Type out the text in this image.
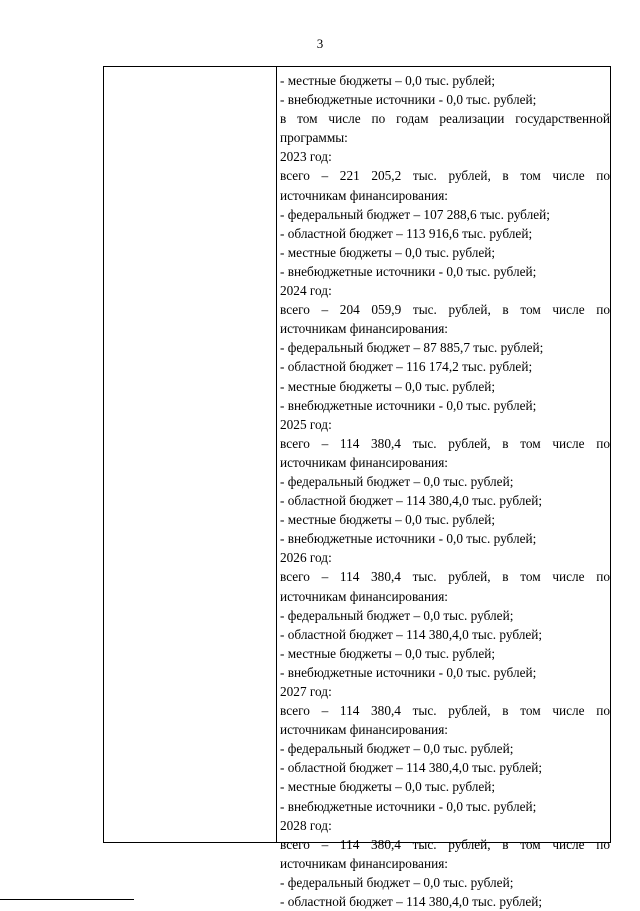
3
- местные бюджеты – 0,0 тыс. рублей;
- внебюджетные источники - 0,0 тыс. рублей;
в том числе по годам реализации государственной
программы:
2023 год:
всего – 221 205,2 тыс. рублей, в том числе по
источникам финансирования:
- федеральный бюджет – 107 288,6 тыс. рублей;
- областной бюджет – 113 916,6 тыс. рублей;
- местные бюджеты – 0,0 тыс. рублей;
- внебюджетные источники - 0,0 тыс. рублей;
2024 год:
всего – 204 059,9 тыс. рублей, в том числе по
источникам финансирования:
- федеральный бюджет – 87 885,7 тыс. рублей;
- областной бюджет – 116 174,2 тыс. рублей;
- местные бюджеты – 0,0 тыс. рублей;
- внебюджетные источники - 0,0 тыс. рублей;
2025 год:
всего – 114 380,4 тыс. рублей, в том числе по
источникам финансирования:
- федеральный бюджет – 0,0 тыс. рублей;
- областной бюджет – 114 380,4,0 тыс. рублей;
- местные бюджеты – 0,0 тыс. рублей;
- внебюджетные источники - 0,0 тыс. рублей;
2026 год:
всего – 114 380,4 тыс. рублей, в том числе по
источникам финансирования:
- федеральный бюджет – 0,0 тыс. рублей;
- областной бюджет – 114 380,4,0 тыс. рублей;
- местные бюджеты – 0,0 тыс. рублей;
- внебюджетные источники - 0,0 тыс. рублей;
2027 год:
всего – 114 380,4 тыс. рублей, в том числе по
источникам финансирования:
- федеральный бюджет – 0,0 тыс. рублей;
- областной бюджет – 114 380,4,0 тыс. рублей;
- местные бюджеты – 0,0 тыс. рублей;
- внебюджетные источники - 0,0 тыс. рублей;
2028 год:
всего – 114 380,4 тыс. рублей, в том числе по
источникам финансирования:
- федеральный бюджет – 0,0 тыс. рублей;
- областной бюджет – 114 380,4,0 тыс. рублей;
